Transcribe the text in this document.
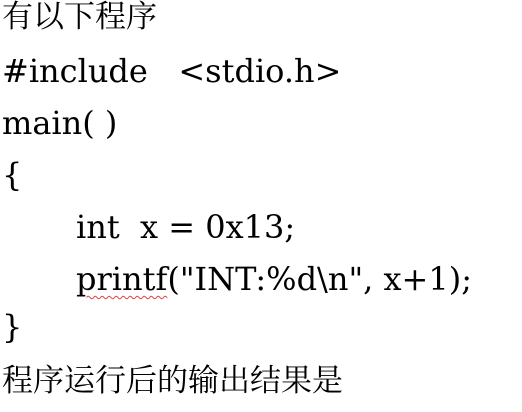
有以下程序
#include   <stdio.h>
main( )
{
int  x = 0x13;
printf("INT:%d\n", x+1);
}
程序运行后的输出结果是
